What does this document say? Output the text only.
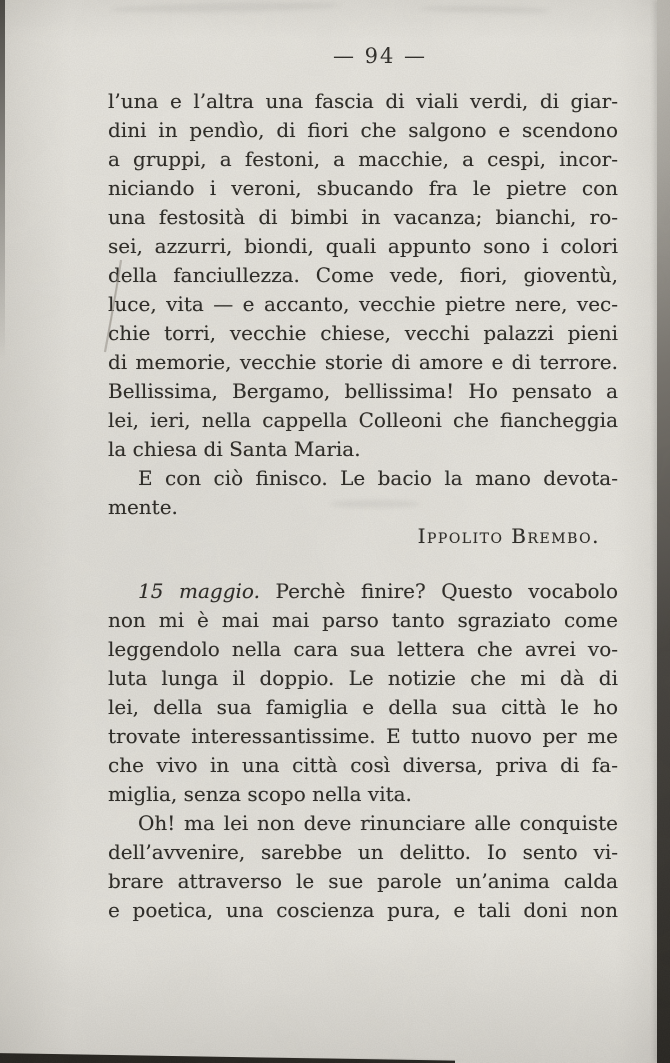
— 94 —
l’una e l’altra una fascia di viali verdi, di giar-
dini in pendìo, di fiori che salgono e scendono
a gruppi, a festoni, a macchie, a cespi, incor-
niciando i veroni, sbucando fra le pietre con
una festosità di bimbi in vacanza; bianchi, ro-
sei, azzurri, biondi, quali appunto sono i colori
della fanciullezza. Come vede, fiori, gioventù,
luce, vita — e accanto, vecchie pietre nere, vec-
chie torri, vecchie chiese, vecchi palazzi pieni
di memorie, vecchie storie di amore e di terrore.
Bellissima, Bergamo, bellissima! Ho pensato a
lei, ieri, nella cappella Colleoni che fiancheggia
la chiesa di Santa Maria.
E con ciò finisco. Le bacio la mano devota-
mente.
Ippolito Brembo.
15 maggio. Perchè finire? Questo vocabolo
non mi è mai mai parso tanto sgraziato come
leggendolo nella cara sua lettera che avrei vo-
luta lunga il doppio. Le notizie che mi dà di
lei, della sua famiglia e della sua città le ho
trovate interessantissime. E tutto nuovo per me
che vivo in una città così diversa, priva di fa-
miglia, senza scopo nella vita.
Oh! ma lei non deve rinunciare alle conquiste
dell’avvenire, sarebbe un delitto. Io sento vi-
brare attraverso le sue parole un’anima calda
e poetica, una coscienza pura, e tali doni non
